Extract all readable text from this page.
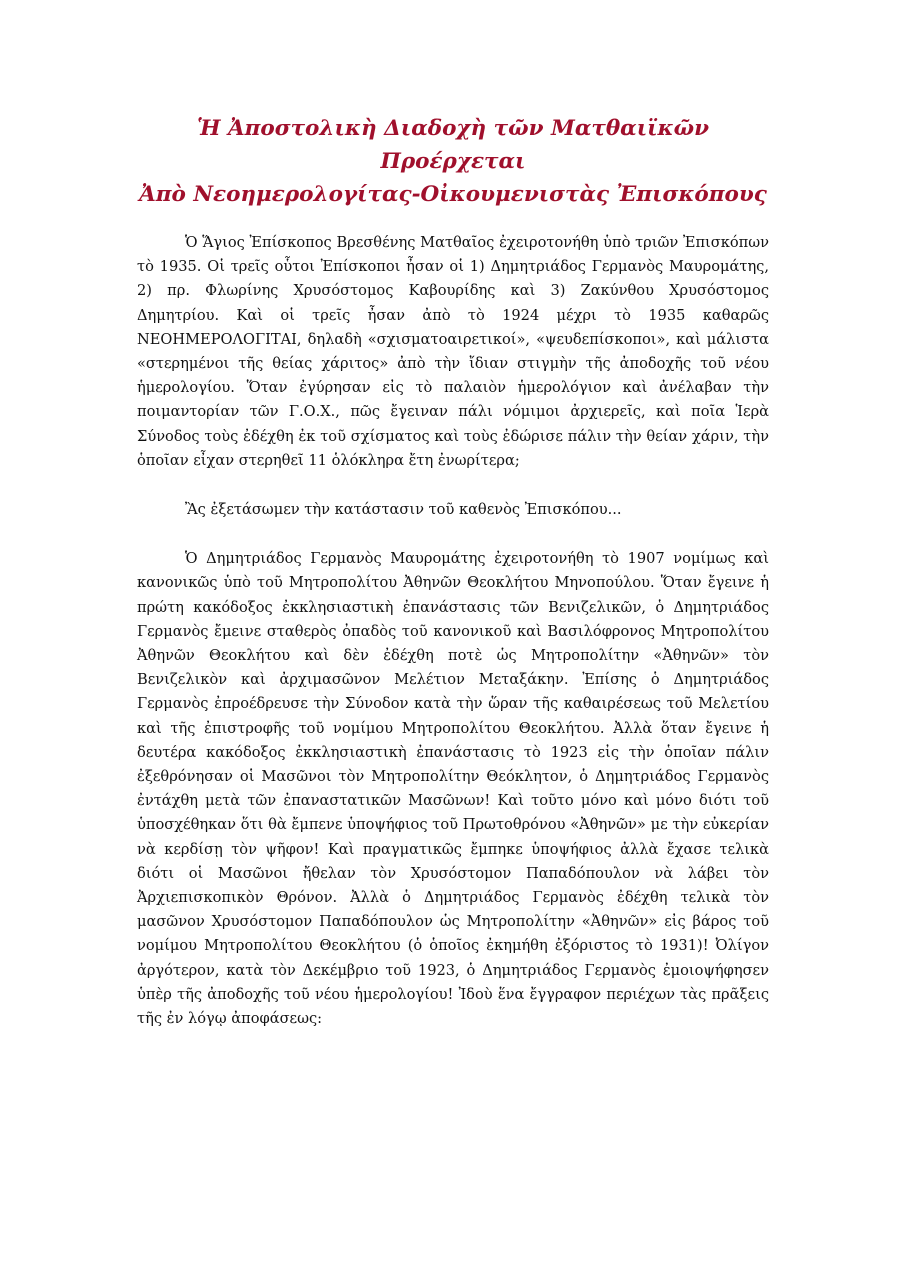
Ἡ Ἀποστολικὴ Διαδοχὴ τῶν Ματθαιϊκῶν Προέρχεται
Ἀπὸ Νεοημερολογίτας-Οἰκουμενιστὰς Ἐπισκόπους

Ὁ Ἅγιος Ἐπίσκοπος Βρεσθένης Ματθαῖος ἐχειροτονήθη ὑπὸ τριῶν Ἐπισκόπων τὸ 1935. Οἱ τρεῖς οὗτοι Ἐπίσκοποι ἦσαν οἱ 1) Δημητριάδος Γερμανὸς Μαυρομάτης, 2) πρ. Φλωρίνης Χρυσόστομος Καβουρίδης καὶ 3) Ζακύνθου Χρυσόστομος Δημητρίου. Καὶ οἱ τρεῖς ἦσαν ἀπὸ τὸ 1924 μέχρι τὸ 1935 καθαρῶς ΝΕΟΗΜΕΡΟΛΟΓΙΤΑΙ, δηλαδὴ «σχισματοαιρετικοί», «ψευδεπίσκοποι», καὶ μάλιστα «στερημένοι τῆς θείας χάριτος» ἀπὸ τὴν ἴδιαν στιγμὴν τῆς ἀποδοχῆς τοῦ νέου ἡμερολογίου. Ὅταν ἐγύρησαν εἰς τὸ παλαιὸν ἡμερολόγιον καὶ ἀνέλαβαν τὴν ποιμαντορίαν τῶν Γ.Ο.Χ., πῶς ἔγειναν πάλι νόμιμοι ἀρχιερεῖς, καὶ ποῖα Ἱερὰ Σύνοδος τοὺς ἐδέχθη ἐκ τοῦ σχίσματος καὶ τοὺς ἐδώρισε πάλιν τὴν θείαν χάριν, τὴν ὁποῖαν εἶχαν στερηθεῖ 11 ὁλόκληρα ἔτη ἐνωρίτερα;

Ἂς ἐξετάσωμεν τὴν κατάστασιν τοῦ καθενὸς Ἐπισκόπου...

Ὁ Δημητριάδος Γερμανὸς Μαυρομάτης ἐχειροτονήθη τὸ 1907 νομίμως καὶ κανονικῶς ὑπὸ τοῦ Μητροπολίτου Ἀθηνῶν Θεοκλήτου Μηνοπούλου. Ὅταν ἔγεινε ἡ πρώτη κακόδοξος ἐκκλησιαστικὴ ἐπανάστασις τῶν Βενιζελικῶν, ὁ Δημητριάδος Γερμανὸς ἔμεινε σταθερὸς ὀπαδὸς τοῦ κανονικοῦ καὶ Βασιλόφρονος Μητροπολίτου Ἀθηνῶν Θεοκλήτου καὶ δὲν ἐδέχθη ποτὲ ὡς Μητροπολίτην «Ἀθηνῶν» τὸν Βενιζελικὸν καὶ ἀρχιμασῶνον Μελέτιον Μεταξάκην. Ἐπίσης ὁ Δημητριάδος Γερμανὸς ἐπροέδρευσε τὴν Σύνοδον κατὰ τὴν ὥραν τῆς καθαιρέσεως τοῦ Μελετίου καὶ τῆς ἐπιστροφῆς τοῦ νομίμου Μητροπολίτου Θεοκλήτου. Ἀλλὰ ὅταν ἔγεινε ἡ δευτέρα κακόδοξος ἐκκλησιαστικὴ ἐπανάστασις τὸ 1923 εἰς τὴν ὁποῖαν πάλιν ἐξεθρόνησαν οἱ Μασῶνοι τὸν Μητροπολίτην Θεόκλητον, ὁ Δημητριάδος Γερμανὸς ἐντάχθη μετὰ τῶν ἐπαναστατικῶν Μασῶνων! Καὶ τοῦτο μόνο καὶ μόνο διότι τοῦ ὑποσχέθηκαν ὅτι θὰ ἔμπενε ὑποψήφιος τοῦ Πρωτοθρόνου «Ἀθηνῶν» με τὴν εὐκερίαν νὰ κερδίσῃ τὸν ψῆφον! Καὶ πραγματικῶς ἔμπηκε ὑποψήφιος ἀλλὰ ἔχασε τελικὰ διότι οἱ Μασῶνοι ἤθελαν τὸν Χρυσόστομον Παπαδόπουλον νὰ λάβει τὸν Ἀρχιεπισκοπικὸν Θρόνον. Ἀλλὰ ὁ Δημητριάδος Γερμανὸς ἐδέχθη τελικὰ τὸν μασῶνον Χρυσόστομον Παπαδόπουλον ὡς Μητροπολίτην «Ἀθηνῶν» εἰς βάρος τοῦ νομίμου Μητροπολίτου Θεοκλήτου (ὁ ὁποῖος ἐκημήθη ἐξόριστος τὸ 1931)! Ὀλίγον ἀργότερον, κατὰ τὸν Δεκέμβριο τοῦ 1923, ὁ Δημητριάδος Γερμανὸς ἐμοιοψήφησεν ὑπὲρ τῆς ἀποδοχῆς τοῦ νέου ἡμερολογίου! Ἰδοὺ ἕνα ἔγγραφον περιέχων τὰς πρᾶξεις τῆς ἐν λόγῳ ἀποφάσεως:
